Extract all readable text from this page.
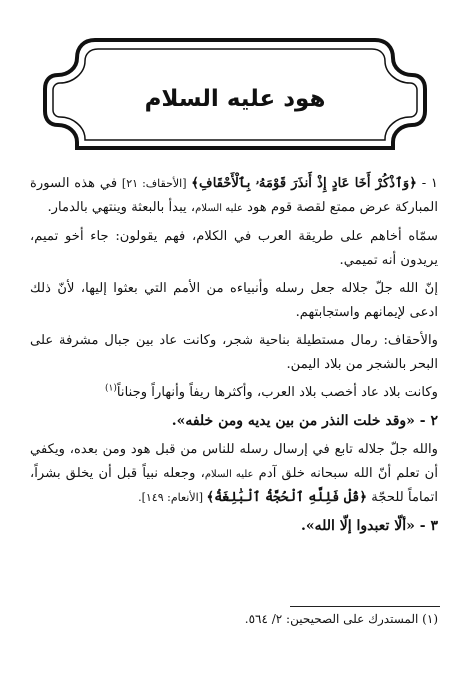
هود عليه السلام

١ - ﴿وَٱذْكُرْ أَخَا عَادٍ إِذْ أَنذَرَ قَوْمَهُۥ بِٱلْأَحْقَافِ﴾ [الأحقاف: ٢١] في هذه السورة المباركة عرض ممتع لقصة قوم هود عليه السلام، يبدأ بالبعثة وينتهي بالدمار.

سمّاه أخاهم على طريقة العرب في الكلام، فهم يقولون: جاء أخو تميم، يريدون أنه تميمي.

إنّ الله جلّ جلاله جعل رسله وأنبياءه من الأمم التي بعثوا إليها، لأنّ ذلك ادعى لإيمانهم واستجابتهم.

والأحقاف: رمال مستطيلة بناحية شجر، وكانت عاد بين جبال مشرفة على البحر بالشجر من بلاد اليمن.

وكانت بلاد عاد أخصب بلاد العرب، وأكثرها ريفاً وأنهاراً وجناناً$^{(١)}$

٢ - «وقد خلت النذر من بين يديه ومن خلفه».

والله جلّ جلاله تابع في إرسال رسله للناس من قبل هود ومن بعده، ويكفي أن تعلم أنّ الله سبحانه خلق آدم عليه السلام، وجعله نبياً قبل أن يخلق بشراً، اتماماً للحجّة ﴿قُلْ فَلِلَّهِ ٱلْحُجَّةُ ٱلْبَٰلِغَةُ﴾ [الأنعام: ١٤٩].

٣ - «ألّا تعبدوا إلّا الله».

(١) المستدرك على الصحيحين: ٢/ ٥٦٤.
